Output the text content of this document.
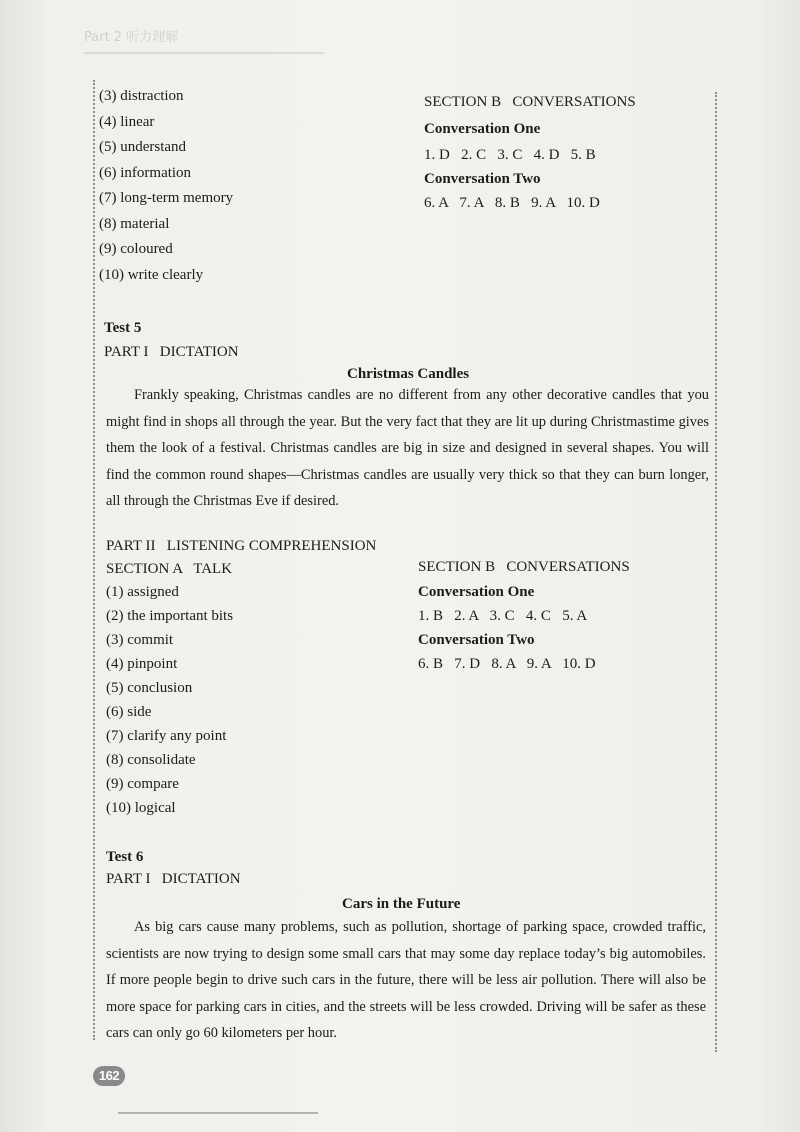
Part 2 听力理解
(3) distraction
(4) linear
(5) understand
(6) information
(7) long-term memory
(8) material
(9) coloured
(10) write clearly
SECTION B   CONVERSATIONS
Conversation One
1. D   2. C   3. C   4. D   5. B
Conversation Two
6. A   7. A   8. B   9. A   10. D
Test 5
PART I   DICTATION
Christmas Candles
Frankly speaking, Christmas candles are no different from any other decorative candles that you might find in shops all through the year. But the very fact that they are lit up during Christmastime gives them the look of a festival. Christmas candles are big in size and designed in several shapes. You will find the common round shapes—Christmas candles are usually very thick so that they can burn longer, all through the Christmas Eve if desired.
PART II   LISTENING COMPREHENSION
SECTION A   TALK
(1) assigned
(2) the important bits
(3) commit
(4) pinpoint
(5) conclusion
(6) side
(7) clarify any point
(8) consolidate
(9) compare
(10) logical
SECTION B   CONVERSATIONS
Conversation One
1. B   2. A   3. C   4. C   5. A
Conversation Two
6. B   7. D   8. A   9. A   10. D
Test 6
PART I   DICTATION
Cars in the Future
As big cars cause many problems, such as pollution, shortage of parking space, crowded traffic, scientists are now trying to design some small cars that may some day replace today’s big automobiles. If more people begin to drive such cars in the future, there will be less air pollution. There will also be more space for parking cars in cities, and the streets will be less crowded. Driving will be safer as these cars can only go 60 kilometers per hour.
162
